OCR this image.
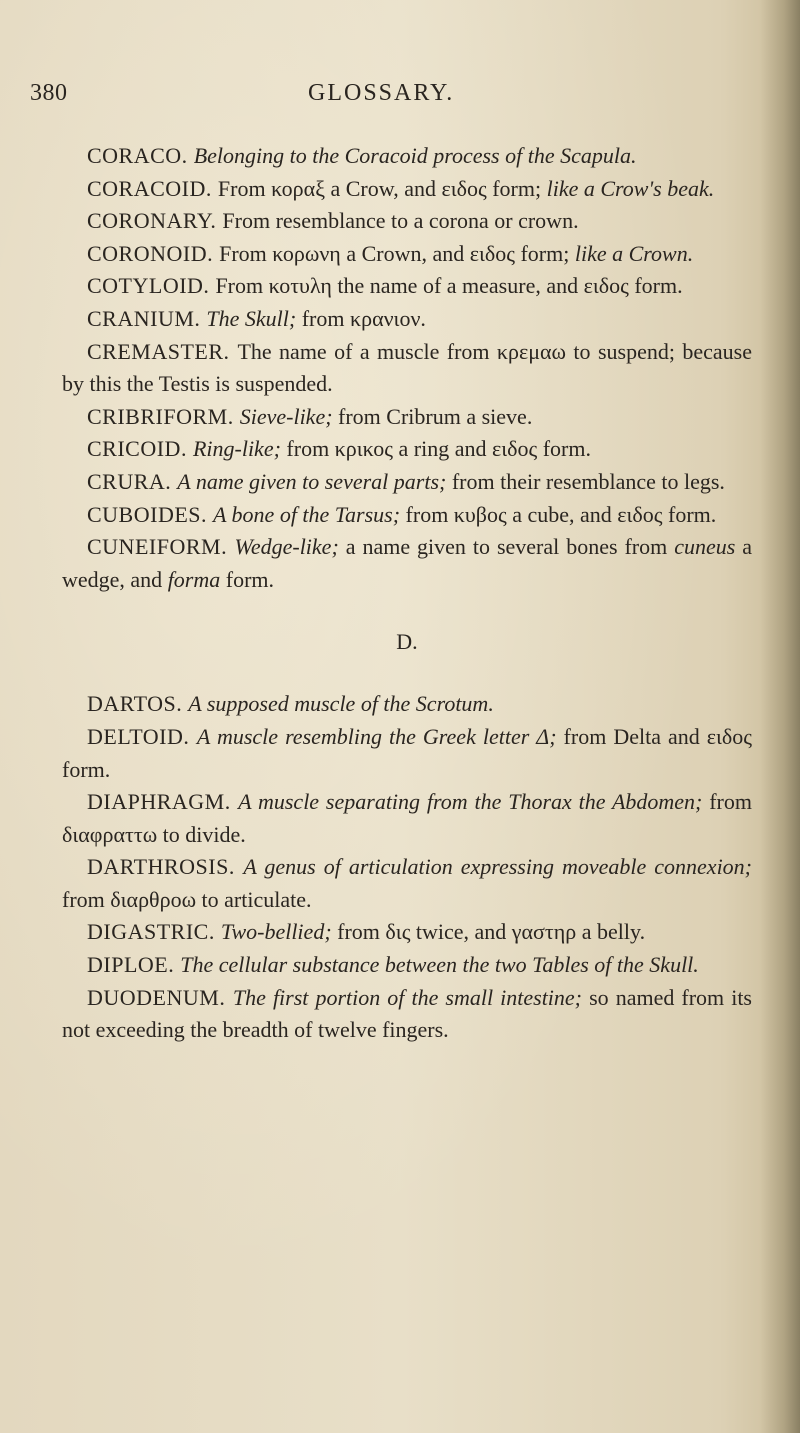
380	GLOSSARY.

CORACO. Belonging to the Coracoid process of the Scapula.

CORACOID. From κοραξ a Crow, and ειδος form; like a Crow's beak.

CORONARY. From resemblance to a corona or crown.

CORONOID. From κορωνη a Crown, and ειδος form; like a Crown.

COTYLOID. From κοτυλη the name of a measure, and ειδος form.

CRANIUM. The Skull; from κρανιον.

CREMASTER. The name of a muscle from κρεμαω to suspend; because by this the Testis is suspended.

CRIBRIFORM. Sieve-like; from Cribrum a sieve.

CRICOID. Ring-like; from κρικος a ring and ειδος form.

CRURA. A name given to several parts; from their resemblance to legs.

CUBOIDES. A bone of the Tarsus; from κυβος a cube, and ειδος form.

CUNEIFORM. Wedge-like; a name given to several bones from cuneus a wedge, and forma form.

D.

DARTOS. A supposed muscle of the Scrotum.

DELTOID. A muscle resembling the Greek letter Δ; from Delta and ειδος form.

DIAPHRAGM. A muscle separating from the Thorax the Abdomen; from διαφραττω to divide.

DARTHROSIS. A genus of articulation expressing moveable connexion; from διαρθροω to articulate.

DIGASTRIC. Two-bellied; from δις twice, and γαστηρ a belly.

DIPLOE. The cellular substance between the two Tables of the Skull.

DUODENUM. The first portion of the small intestine; so named from its not exceeding the breadth of twelve fingers.
